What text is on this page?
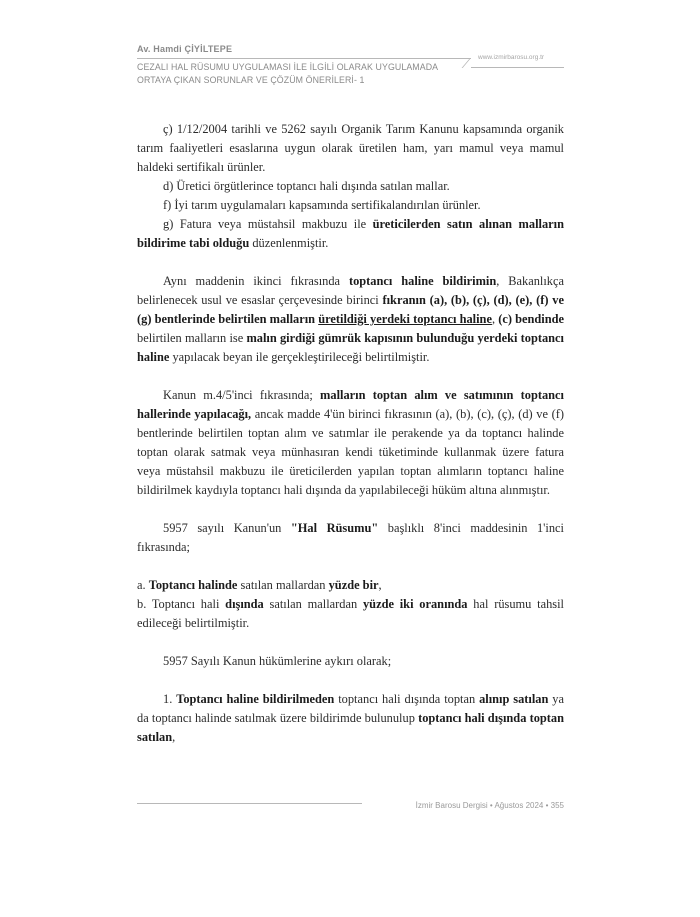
Av. Hamdi ÇİYİLTEPE
www.izmirbarosu.org.tr
CEZALI HAL RÜSUMU UYGULAMASI İLE İLGİLİ OLARAK UYGULAMADA ORTAYA ÇIKAN SORUNLAR VE ÇÖZÜM ÖNERİLERİ- 1

ç) 1/12/2004 tarihli ve 5262 sayılı Organik Tarım Kanunu kapsamında organik tarım faaliyetleri esaslarına uygun olarak üretilen ham, yarı mamul veya mamul haldeki sertifikalı ürünler.

d) Üretici örgütlerince toptancı hali dışında satılan mallar.

f) İyi tarım uygulamaları kapsamında sertifikalandırılan ürünler.

g) Fatura veya müstahsil makbuzu ile üreticilerden satın alınan malların bildirime tabi olduğu düzenlenmiştir.

Aynı maddenin ikinci fıkrasında toptancı haline bildirimin, Bakanlıkça belirlenecek usul ve esaslar çerçevesinde birinci fıkranın (a), (b), (ç), (d), (e), (f) ve (g) bentlerinde belirtilen malların üretildiği yerdeki toptancı haline, (c) bendinde belirtilen malların ise malın girdiği gümrük kapısının bulunduğu yerdeki toptancı haline yapılacak beyan ile gerçekleştirileceği belirtilmiştir.

Kanun m.4/5'inci fıkrasında; malların toptan alım ve satımının toptancı hallerinde yapılacağı, ancak madde 4'ün birinci fıkrasının (a), (b), (c), (ç), (d) ve (f) bentlerinde belirtilen toptan alım ve satımlar ile perakende ya da toptancı halinde toptan olarak satmak veya münhasıran kendi tüketiminde kullanmak üzere fatura veya müstahsil makbuzu ile üreticilerden yapılan toptan alımların toptancı haline bildirilmek kaydıyla toptancı hali dışında da yapılabileceği hüküm altına alınmıştır.

5957 sayılı Kanun'un "Hal Rüsumu" başlıklı 8'inci maddesinin 1'inci fıkrasında;

a. Toptancı halinde satılan mallardan yüzde bir,

b. Toptancı hali dışında satılan mallardan yüzde iki oranında hal rüsumu tahsil edileceği belirtilmiştir.

5957 Sayılı Kanun hükümlerine aykırı olarak;

1. Toptancı haline bildirilmeden toptancı hali dışında toptan alınıp satılan ya da toptancı halinde satılmak üzere bildirimde bulunulup toptancı hali dışında toptan satılan,

İzmir Barosu Dergisi • Ağustos 2024 • 355
